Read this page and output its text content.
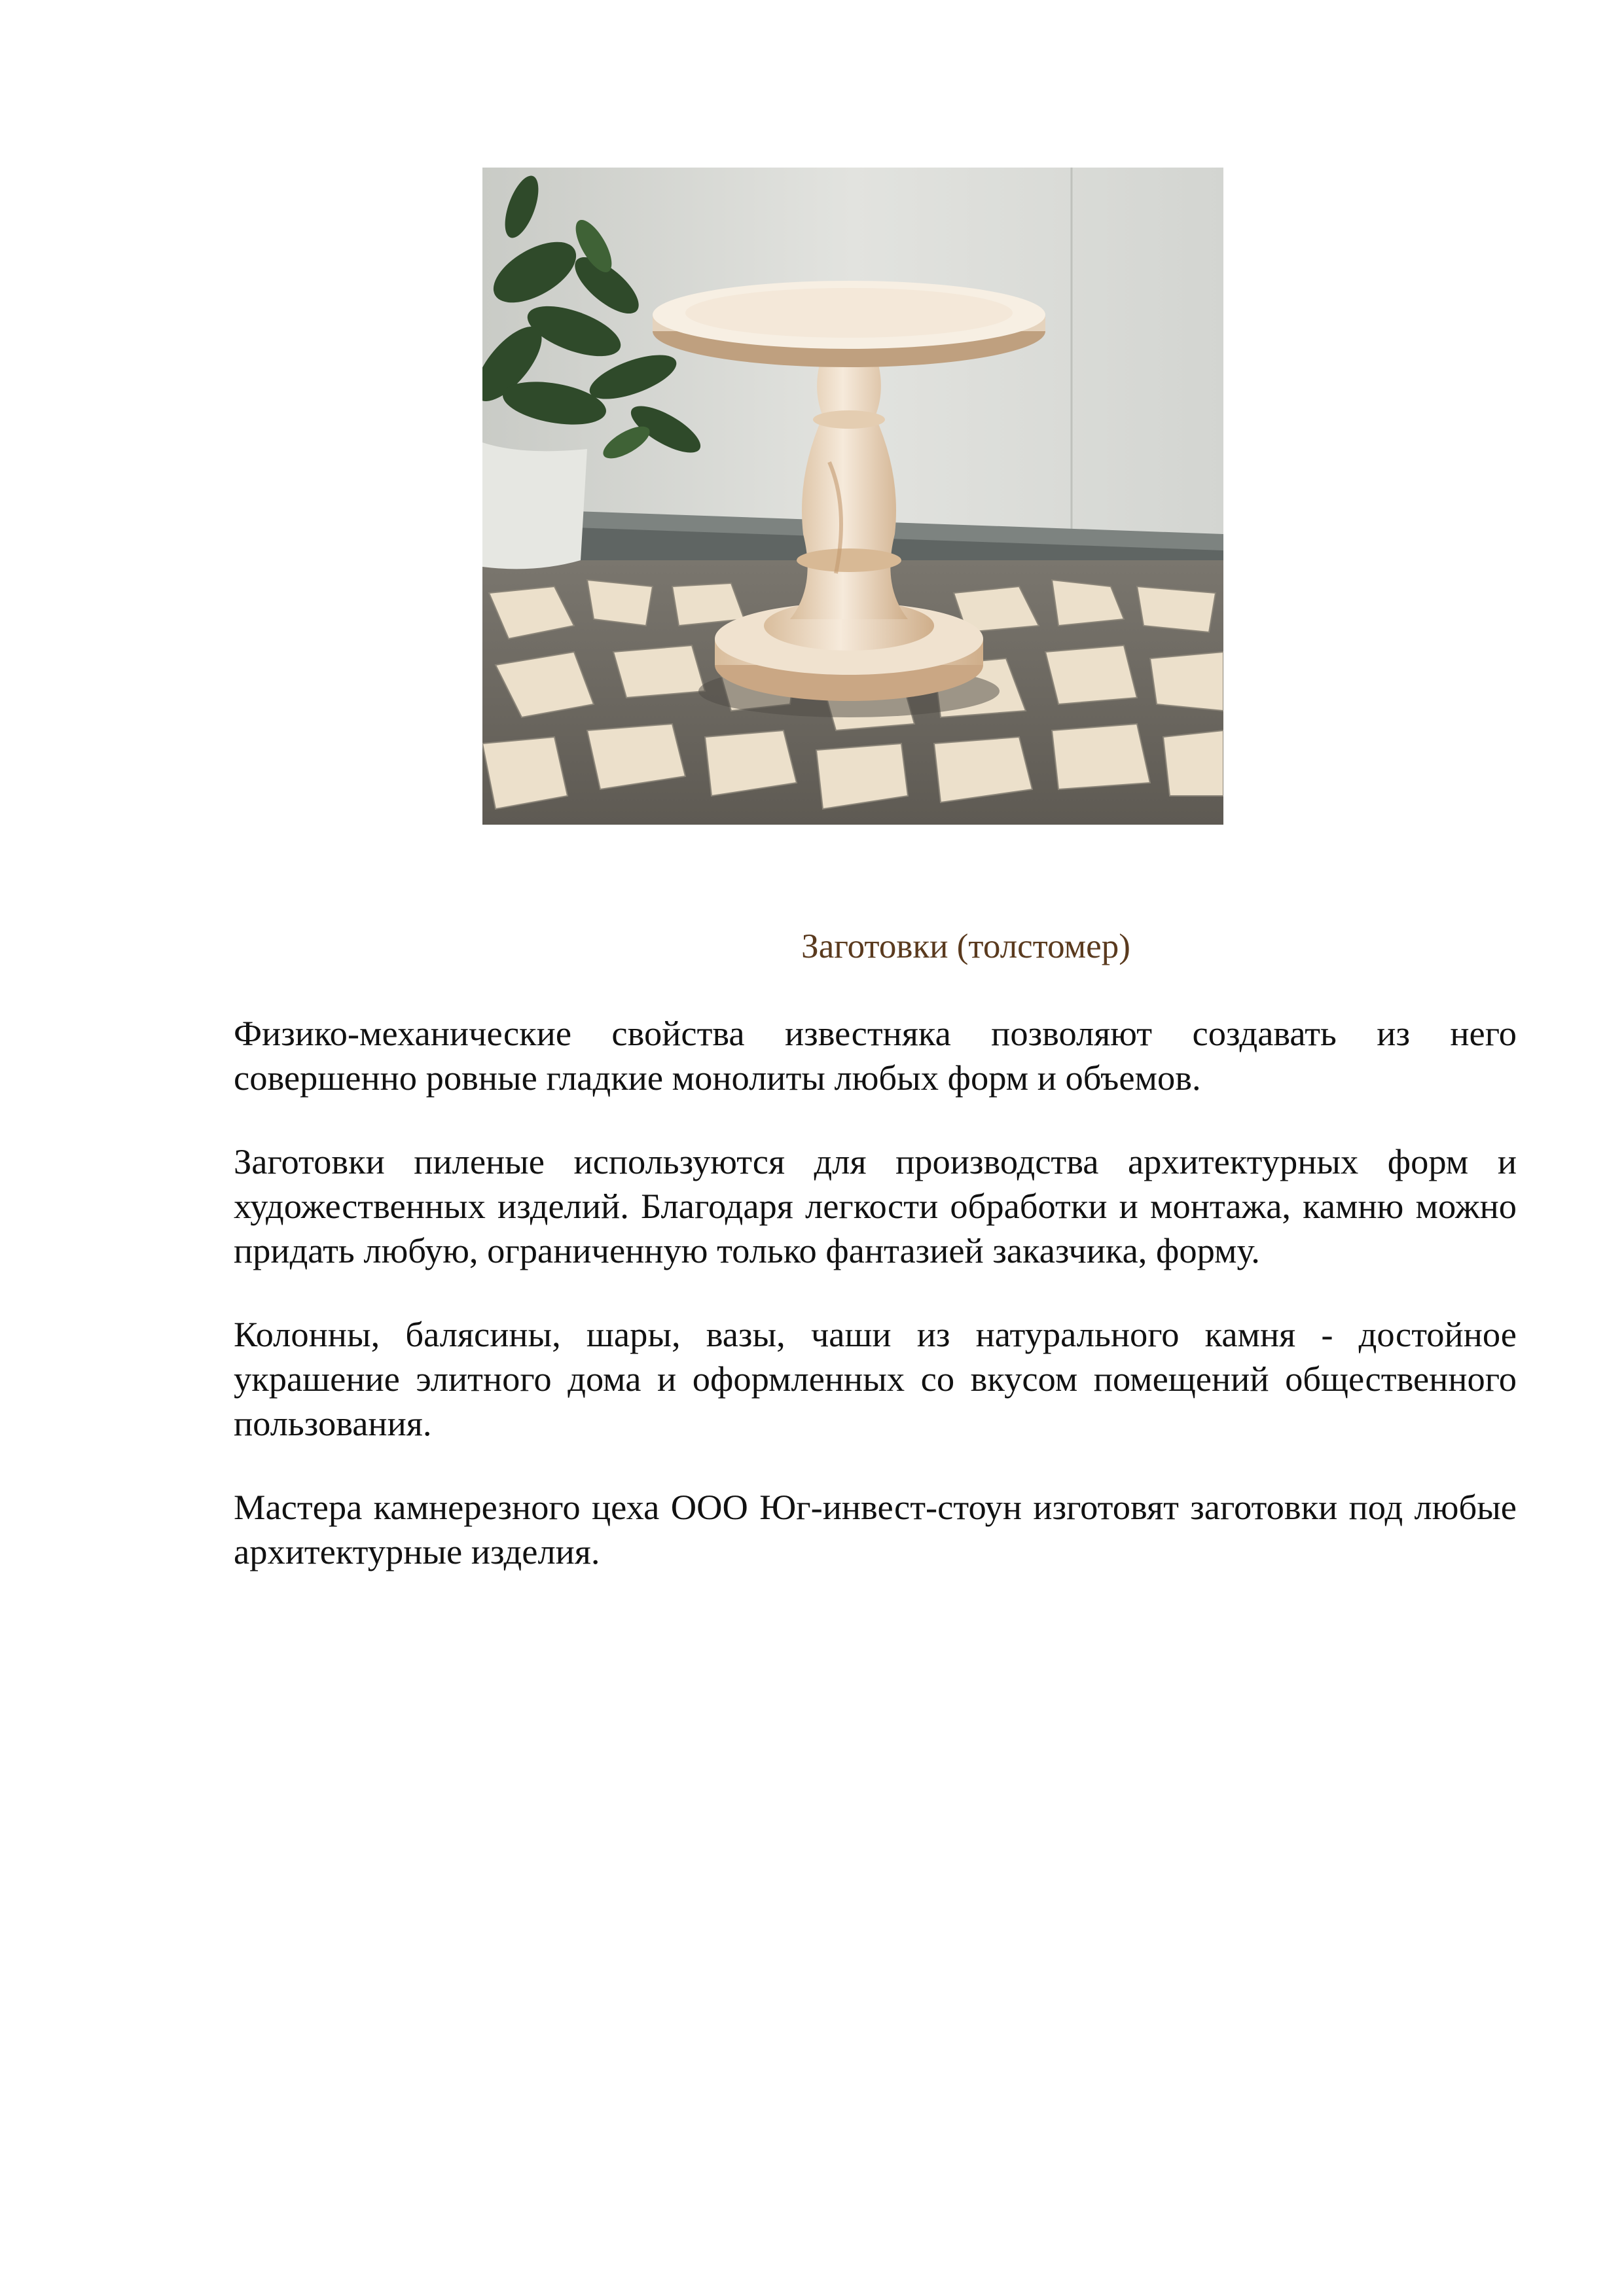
Заготовки (толстомер)

Физико-механические свойства известняка позволяют создавать из него совершенно ровные гладкие монолиты любых форм и объемов.

Заготовки пиленые используются для производства архитектурных форм и художественных изделий. Благодаря легкости обработки и монтажа, камню можно придать любую, ограниченную только фантазией заказчика, форму.

Колонны, балясины, шары, вазы, чаши из натурального камня - достойное украшение элитного дома и оформленных со вкусом помещений общественного пользования.

Мастера камнерезного цеха ООО Юг-инвест-стоун изготовят заготовки под любые архитектурные изделия.
